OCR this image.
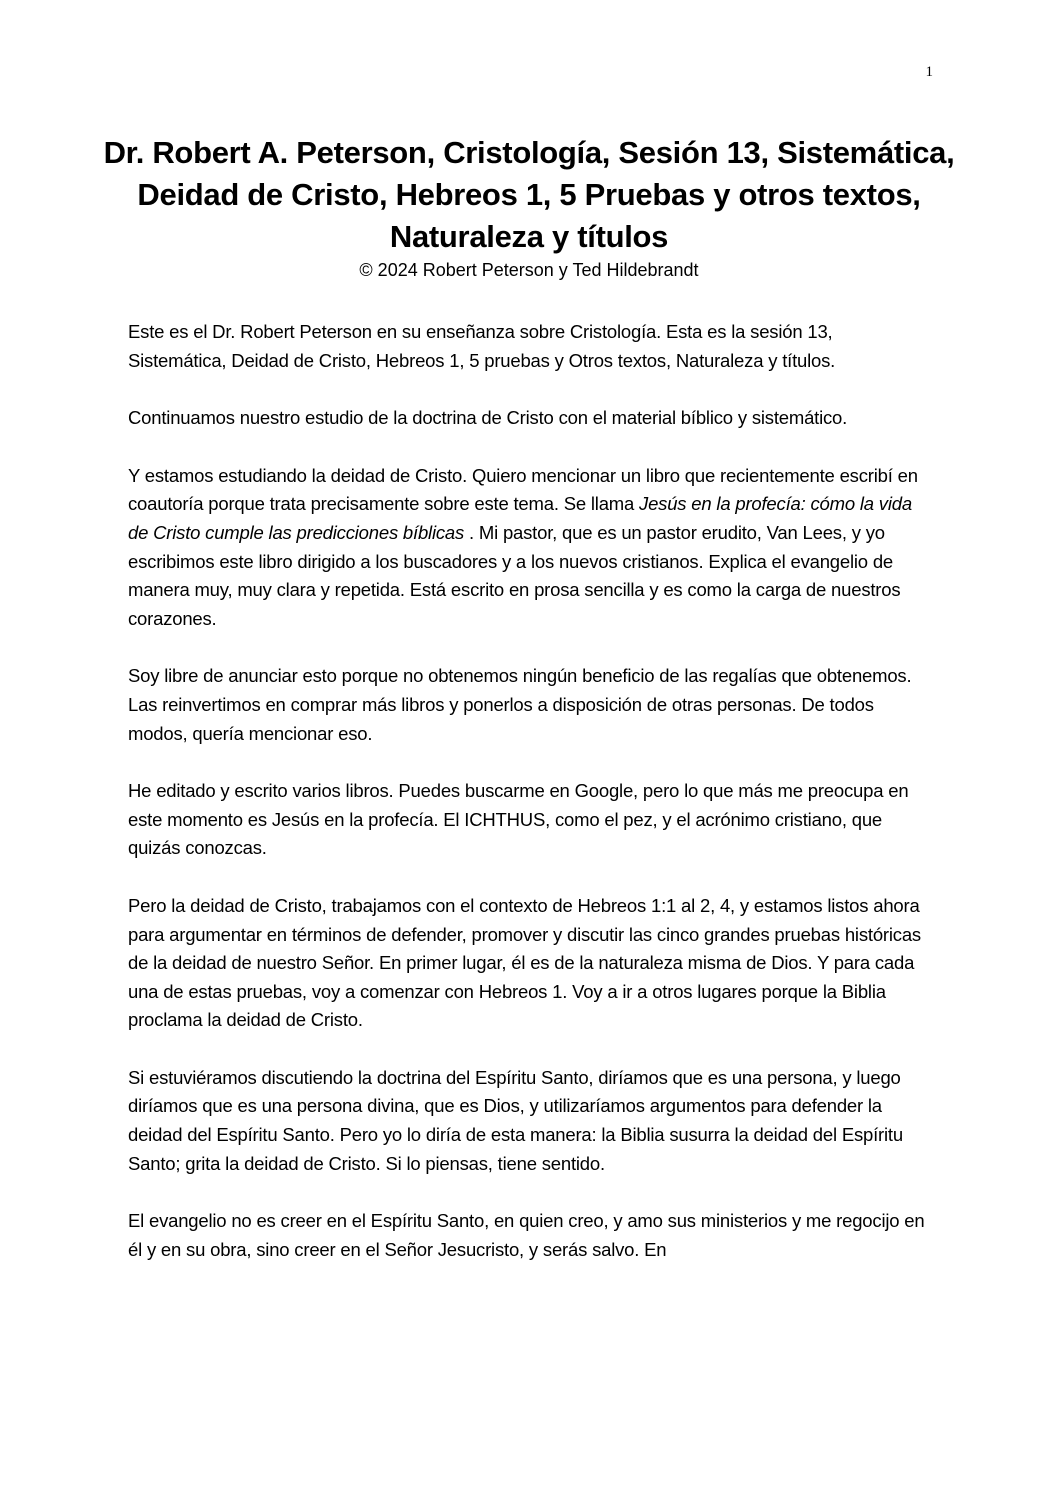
1
Dr. Robert A. Peterson, Cristología, Sesión 13, Sistemática, Deidad de Cristo, Hebreos 1, 5 Pruebas y otros textos, Naturaleza y títulos

© 2024 Robert Peterson y Ted Hildebrandt

Este es el Dr. Robert Peterson en su enseñanza sobre Cristología. Esta es la sesión 13, Sistemática, Deidad de Cristo, Hebreos 1, 5 pruebas y Otros textos, Naturaleza y títulos.

Continuamos nuestro estudio de la doctrina de Cristo con el material bíblico y sistemático.

Y estamos estudiando la deidad de Cristo. Quiero mencionar un libro que recientemente escribí en coautoría porque trata precisamente sobre este tema. Se llama Jesús en la profecía: cómo la vida de Cristo cumple las predicciones bíblicas . Mi pastor, que es un pastor erudito, Van Lees, y yo escribimos este libro dirigido a los buscadores y a los nuevos cristianos. Explica el evangelio de manera muy, muy clara y repetida. Está escrito en prosa sencilla y es como la carga de nuestros corazones.

Soy libre de anunciar esto porque no obtenemos ningún beneficio de las regalías que obtenemos. Las reinvertimos en comprar más libros y ponerlos a disposición de otras personas. De todos modos, quería mencionar eso.

He editado y escrito varios libros. Puedes buscarme en Google, pero lo que más me preocupa en este momento es Jesús en la profecía. El ICHTHUS, como el pez, y el acrónimo cristiano, que quizás conozcas.

Pero la deidad de Cristo, trabajamos con el contexto de Hebreos 1:1 al 2, 4, y estamos listos ahora para argumentar en términos de defender, promover y discutir las cinco grandes pruebas históricas de la deidad de nuestro Señor. En primer lugar, él es de la naturaleza misma de Dios. Y para cada una de estas pruebas, voy a comenzar con Hebreos 1. Voy a ir a otros lugares porque la Biblia proclama la deidad de Cristo.

Si estuviéramos discutiendo la doctrina del Espíritu Santo, diríamos que es una persona, y luego diríamos que es una persona divina, que es Dios, y utilizaríamos argumentos para defender la deidad del Espíritu Santo. Pero yo lo diría de esta manera: la Biblia susurra la deidad del Espíritu Santo; grita la deidad de Cristo. Si lo piensas, tiene sentido.

El evangelio no es creer en el Espíritu Santo, en quien creo, y amo sus ministerios y me regocijo en él y en su obra, sino creer en el Señor Jesucristo, y serás salvo. En
